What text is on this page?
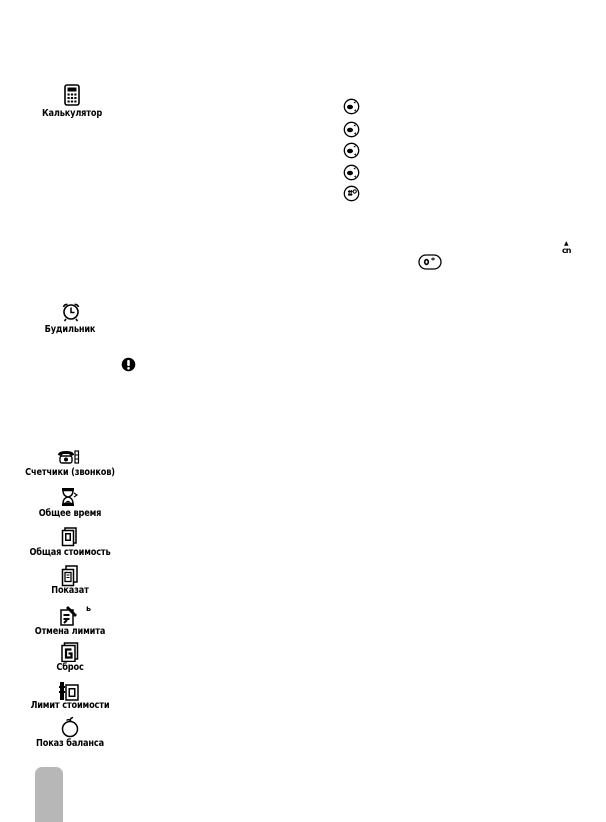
Калькулятор
▲
cn
Будильник
Счетчики (звонков)
Общее время
Общая стоимость
Показат
ь
Отмена лимита
Сброс
Лимит стоимости
Показ баланса
